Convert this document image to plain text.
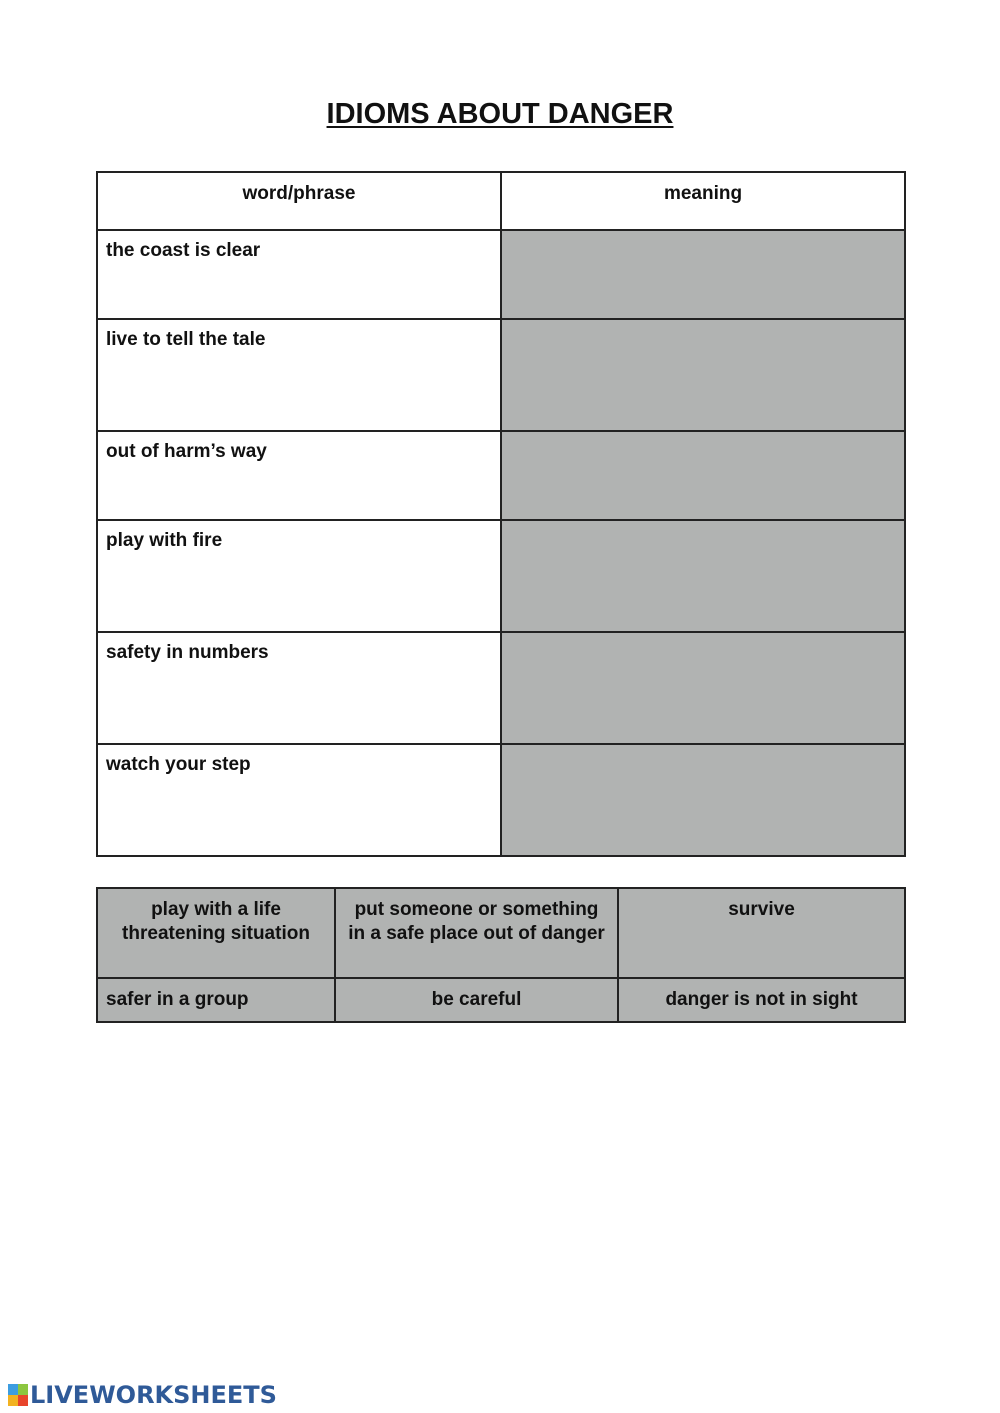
IDIOMS ABOUT DANGER
word/phrase	meaning
the coast is clear	
live to tell the tale	
out of harm’s way	
play with fire	
safety in numbers	
watch your step	
play with a life threatening situation	put someone or something in a safe place out of danger	survive
safer in a group	be careful	danger is not in sight
LIVEWORKSHEETS
